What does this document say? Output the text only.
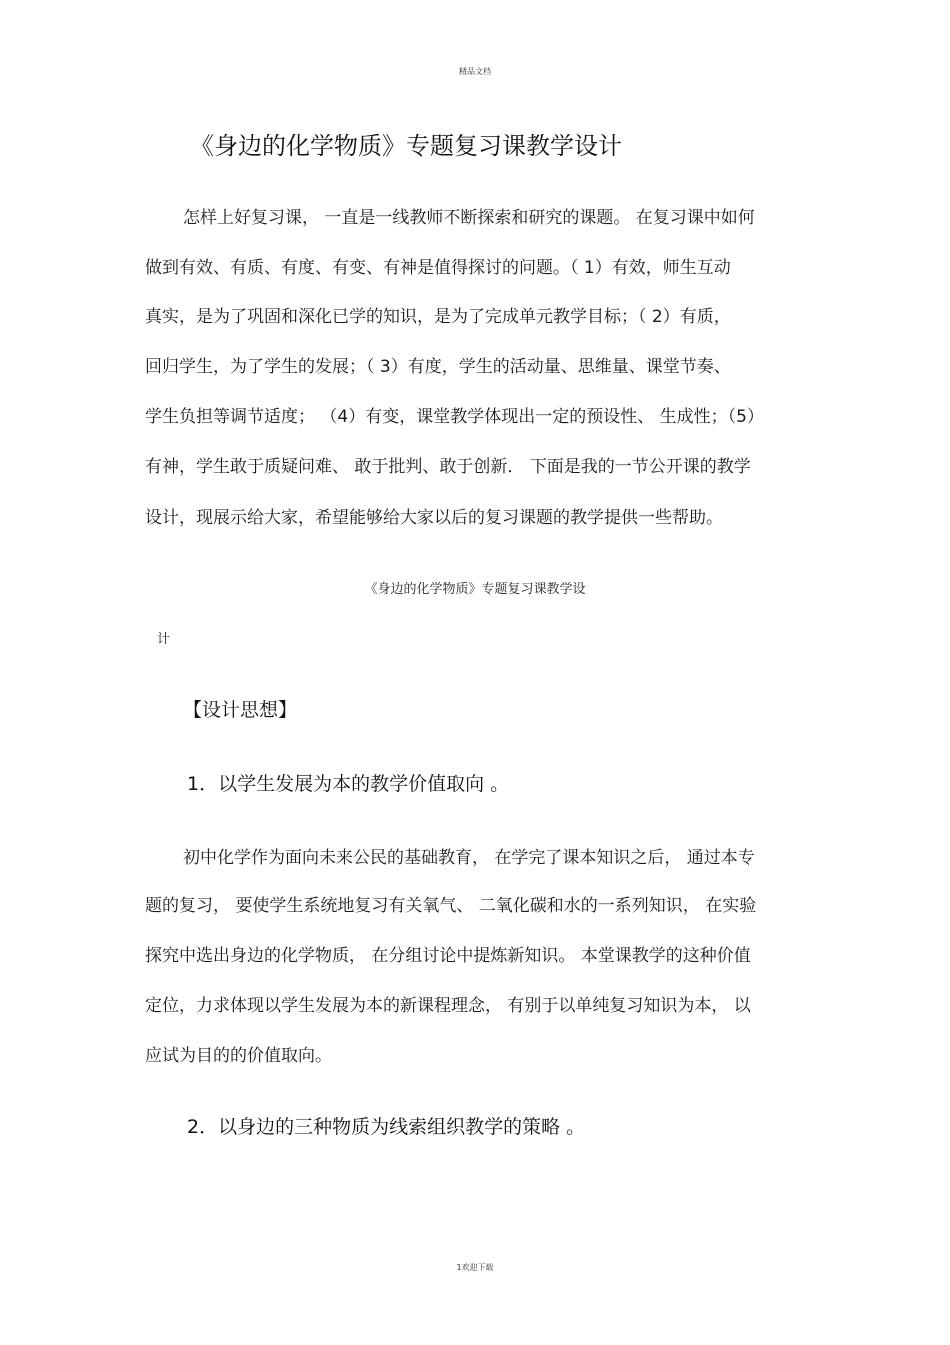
精品文档
《身边的化学物质》专题复习课教学设计
怎样上好复习课， 一直是一线教师不断探索和研究的课题。 在复习课中如何
做到有效、有质、有度、有变、有神是值得探讨的问题。（ 1）有效，师生互动
真实，是为了巩固和深化已学的知识，是为了完成单元教学目标；（ 2）有质，
回归学生，为了学生的发展；（ 3）有度，学生的活动量、思维量、课堂节奏、
学生负担等调节适度； （4）有变，课堂教学体现出一定的预设性、 生成性；（5）
有神，学生敢于质疑问难、 敢于批判、敢于创新． 下面是我的一节公开课的教学
设计，现展示给大家，希望能够给大家以后的复习课题的教学提供一些帮助。
《身边的化学物质》专题复习课教学设
计
【设计思想】
1．以学生发展为本的教学价值取向 。
初中化学作为面向未来公民的基础教育， 在学完了课本知识之后， 通过本专
题的复习， 要使学生系统地复习有关氧气、 二氧化碳和水的一系列知识， 在实验
探究中选出身边的化学物质， 在分组讨论中提炼新知识。 本堂课教学的这种价值
定位，力求体现以学生发展为本的新课程理念， 有别于以单纯复习知识为本， 以
应试为目的的价值取向。
2．以身边的三种物质为线索组织教学的策略 。
1欢迎下载
